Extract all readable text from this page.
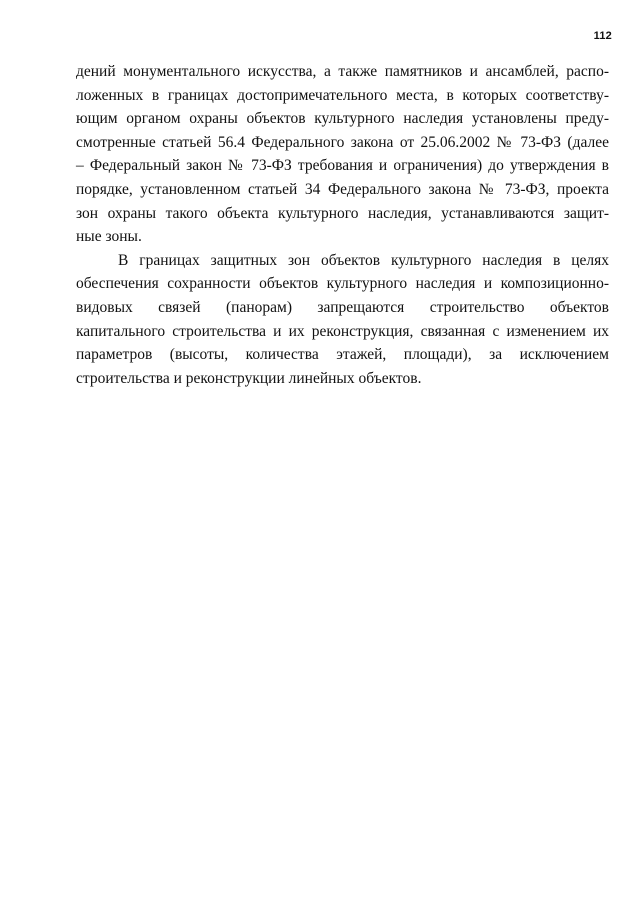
112
дений монументального искусства, а также памятников и ансамблей, распо-
ложенных в границах достопримечательного места, в которых соответству-
ющим органом охраны объектов культурного наследия установлены преду-
смотренные статьей 56.4 Федерального закона от 25.06.2002 № 73-ФЗ (далее
– Федеральный закон № 73-ФЗ требования и ограничения) до утверждения в
порядке, установленном статьей 34 Федерального закона № 73-ФЗ, проекта
зон охраны такого объекта культурного наследия, устанавливаются защит-
ные зоны.
В границах защитных зон объектов культурного наследия в целях
обеспечения сохранности объектов культурного наследия и композиционно-
видовых связей (панорам) запрещаются строительство объектов
капитального строительства и их реконструкция, связанная с изменением их
параметров (высоты, количества этажей, площади), за исключением
строительства и реконструкции линейных объектов.
